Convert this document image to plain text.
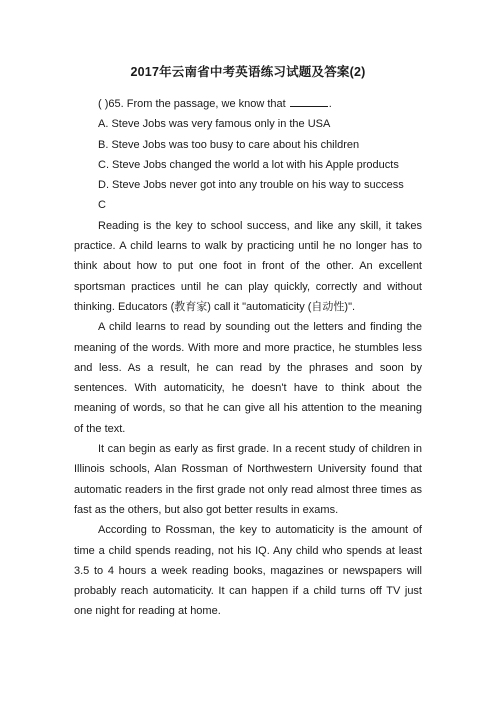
2017年云南省中考英语练习试题及答案(2)
( )65. From the passage, we know that	.
A. Steve Jobs was very famous only in the USA
B. Steve Jobs was too busy to care about his children
C. Steve Jobs changed the world a lot with his Apple products
D. Steve Jobs never got into any trouble on his way to success
C

Reading is the key to school success, and like any skill, it takes practice. A child learns to walk by practicing until he no longer has to think about how to put one foot in front of the other. An excellent sportsman practices until he can play quickly, correctly and without thinking. Educators (教育家) call it "automaticity (自动性)".

A child learns to read by sounding out the letters and finding the meaning of the words. With more and more practice, he stumbles less and less. As a result, he can read by the phrases and soon by sentences. With automaticity, he doesn't have to think about the meaning of words, so that he can give all his attention to the meaning of the text.

It can begin as early as first grade. In a recent study of children in Illinois schools, Alan Rossman of Northwestern University found that automatic readers in the first grade not only read almost three times as fast as the others, but also got better results in exams.

According to Rossman, the key to automaticity is the amount of time a child spends reading, not his IQ. Any child who spends at least 3.5 to 4 hours a week reading books, magazines or newspapers will probably reach automaticity. It can happen if a child turns off TV just one night for reading at home.
